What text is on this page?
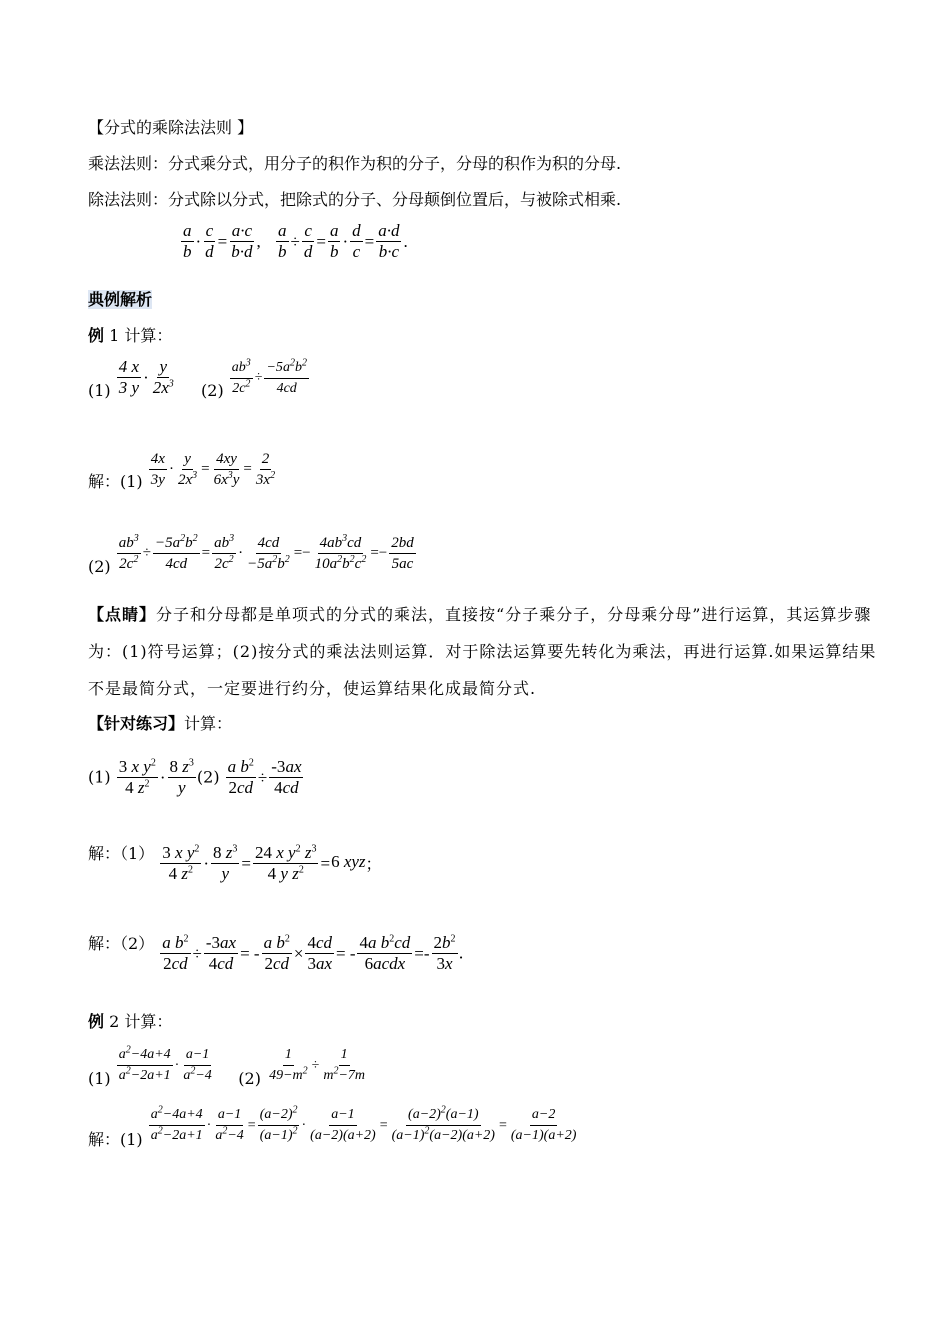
【分式的乘除法法则 】
乘法法则：分式乘分式，用分子的积作为积的分子，分母的积作为积的分母.
除法法则：分式除以分式，把除式的分子、分母颠倒位置后，与被除式相乘.
$\frac{a}{b} \cdot \frac{c}{d} = \frac{a\cdot c}{b\cdot d}$ , $\frac{a}{b} \div \frac{c}{d} = \frac{a}{b} \cdot \frac{d}{c} = \frac{a\cdot d}{b\cdot c}$ .
典例解析
例 1 计算：
$(1) \frac{4 x}{3 y} \cdot \frac{y}{2x^3} (2) \frac{ab^3}{2c^2} \div \frac{-5a^2b^2}{4cd}$
解：$(1) \frac{4x}{3y} \cdot \frac{y}{2x^3} = \frac{4xy}{6x^3y} = \frac{2}{3x^2}$
$(2) \frac{ab^3}{2c^2} \div \frac{-5a^2b^2}{4cd} = \frac{ab^3}{2c^2} \cdot \frac{4cd}{-5a^2b^2} =- \frac{4ab^3cd}{10a^2b^2c^2} =- \frac{2bd}{5ac}$
【点睛】分子和分母都是单项式的分式的乘法，直接按“分子乘分子，分母乘分母”进行运算，其运算步骤为：(1)符号运算；(2)按分式的乘法法则运算．对于除法运算要先转化为乘法，再进行运算.如果运算结果不是最简分式，一定要进行约分，使运算结果化成最简分式.
【针对练习】计算：
$(1) \frac{3 x y^2}{4 z^2} \cdot \frac{8 z^3}{y} (2) \frac{a b^2}{2cd} \div \frac{-3ax}{4cd}$
解：$(1) \frac{3 x y^2}{4 z^2} \cdot \frac{8 z^3}{y} = \frac{24 x y^2 z^3}{4 y z^2} =6$ xyz；
解：$(2) \frac{a b^2}{2cd} \div \frac{-3ax}{4cd}$ = - $\frac{a b^2}{2cd} \times \frac{4cd}{3ax}$ = - $\frac{4a b^2cd}{\text{6acdx}} =- \frac{2b^2}{3x}$ .
例 2 计算：
$(1) \frac{a^2-4a+4}{a^2-2a+1} \cdot \frac{a-1}{a^2-4} (2) \frac{1}{49-m^2} \div \frac{1}{m^2-7m}$
解：$(1) \frac{a^2-4a+4}{a^2-2a+1} \cdot \frac{a-1}{a^2-4} = \frac{(a-2)^2}{(a-1)^2} \cdot \frac{a-1}{(a-2)(a+2)} = \frac{(a-2)^2(a-1)}{(a-1)^2(a-2)(a+2)} = \frac{a-2}{(a-1)(a+2)}$
